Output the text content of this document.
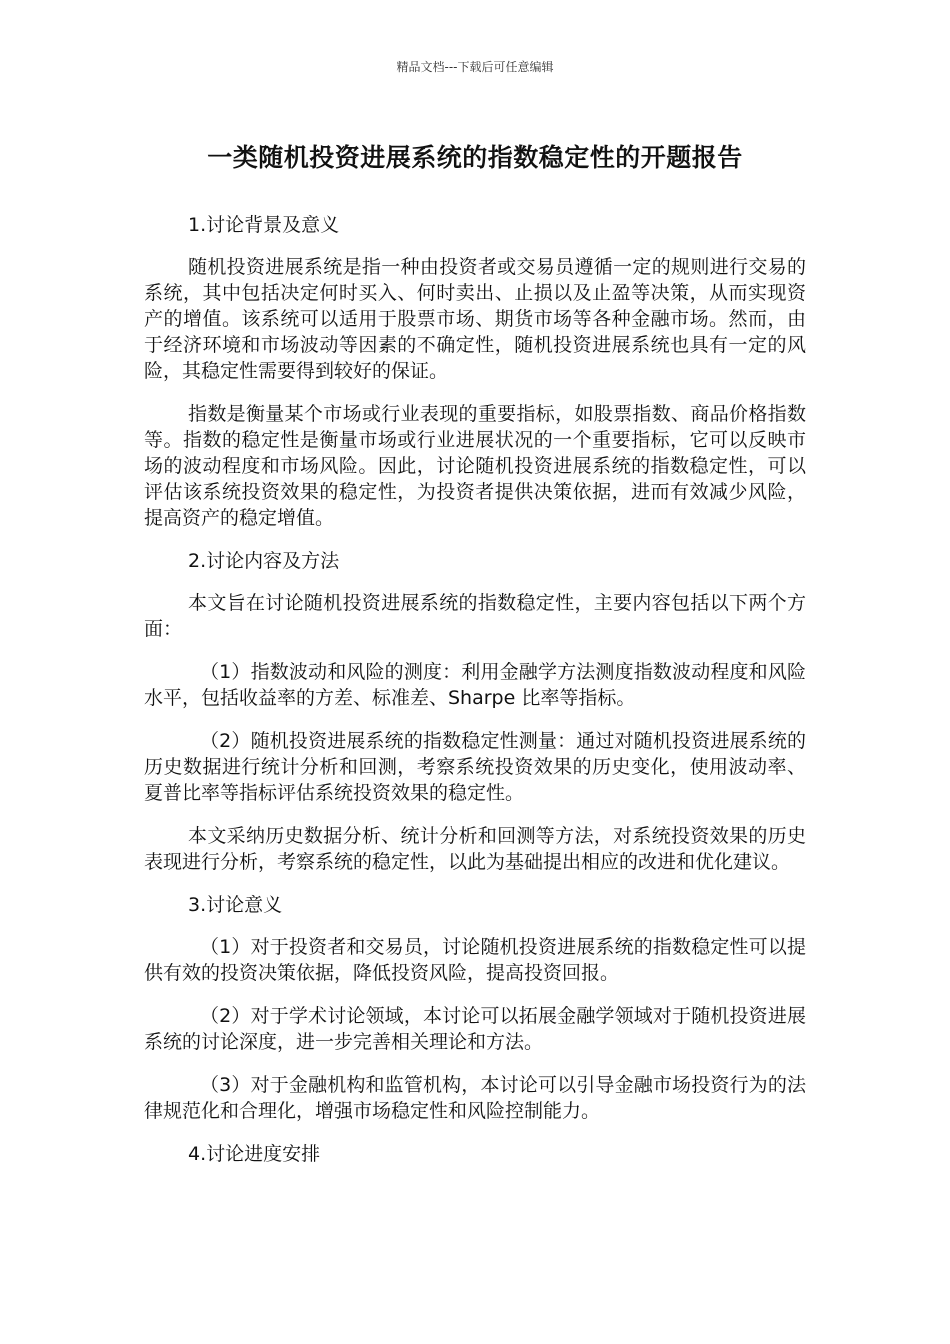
精品文档---下载后可任意编辑
一类随机投资进展系统的指数稳定性的开题报告
1.讨论背景及意义

随机投资进展系统是指一种由投资者或交易员遵循一定的规则进行交易的系统，其中包括决定何时买入、何时卖出、止损以及止盈等决策，从而实现资产的增值。该系统可以适用于股票市场、期货市场等各种金融市场。然而，由于经济环境和市场波动等因素的不确定性，随机投资进展系统也具有一定的风险，其稳定性需要得到较好的保证。

指数是衡量某个市场或行业表现的重要指标，如股票指数、商品价格指数等。指数的稳定性是衡量市场或行业进展状况的一个重要指标，它可以反映市场的波动程度和市场风险。因此，讨论随机投资进展系统的指数稳定性，可以评估该系统投资效果的稳定性，为投资者提供决策依据，进而有效减少风险，提高资产的稳定增值。

2.讨论内容及方法

本文旨在讨论随机投资进展系统的指数稳定性，主要内容包括以下两个方面：

（1）指数波动和风险的测度：利用金融学方法测度指数波动程度和风险水平，包括收益率的方差、标准差、Sharpe 比率等指标。

（2）随机投资进展系统的指数稳定性测量：通过对随机投资进展系统的历史数据进行统计分析和回测，考察系统投资效果的历史变化，使用波动率、夏普比率等指标评估系统投资效果的稳定性。

本文采纳历史数据分析、统计分析和回测等方法，对系统投资效果的历史表现进行分析，考察系统的稳定性，以此为基础提出相应的改进和优化建议。

3.讨论意义

（1）对于投资者和交易员，讨论随机投资进展系统的指数稳定性可以提供有效的投资决策依据，降低投资风险，提高投资回报。

（2）对于学术讨论领域，本讨论可以拓展金融学领域对于随机投资进展系统的讨论深度，进一步完善相关理论和方法。

（3）对于金融机构和监管机构，本讨论可以引导金融市场投资行为的法律规范化和合理化，增强市场稳定性和风险控制能力。

4.讨论进度安排
